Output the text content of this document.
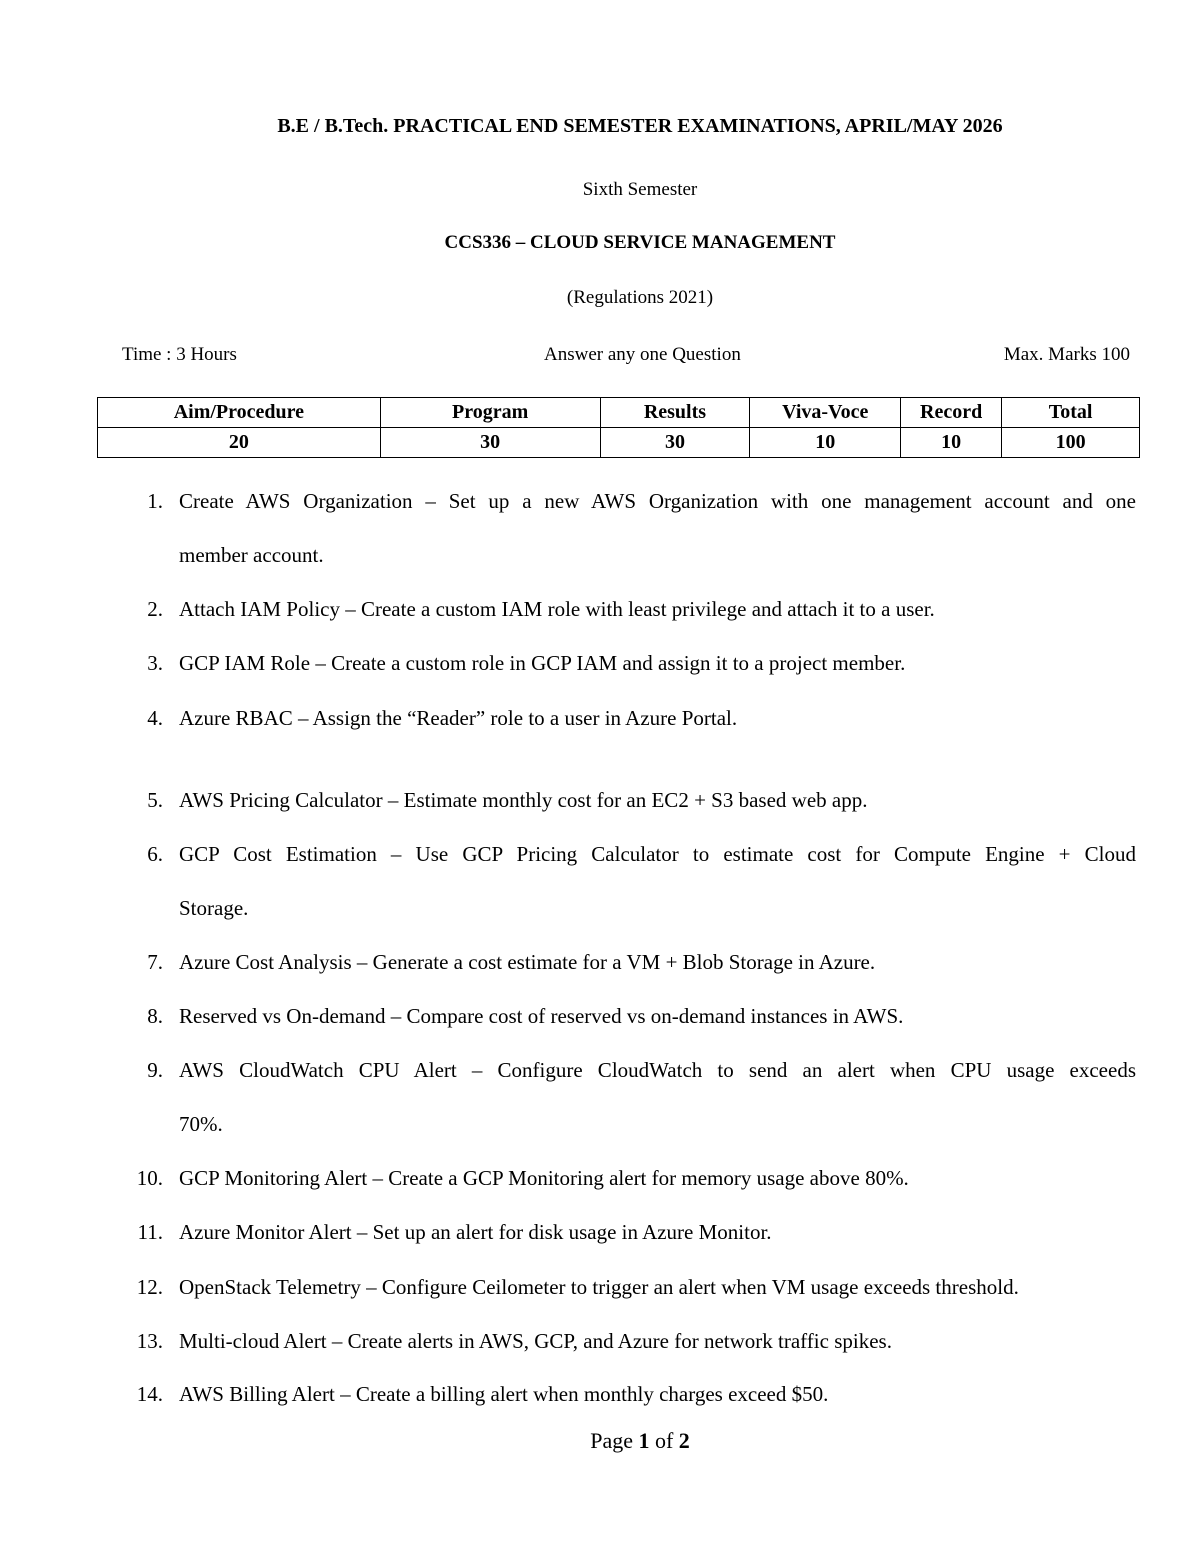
B.E / B.Tech. PRACTICAL END SEMESTER EXAMINATIONS, APRIL/MAY 2026
Sixth Semester
CCS336 – CLOUD SERVICE MANAGEMENT
(Regulations 2021)
Time : 3 Hours	Answer any one Question	Max. Marks 100
Aim/Procedure	Program	Results	Viva-Voce	Record	Total
20	30	30	10	10	100
1. Create AWS Organization – Set up a new AWS Organization with one management account and one
member account.
2. Attach IAM Policy – Create a custom IAM role with least privilege and attach it to a user.
3. GCP IAM Role – Create a custom role in GCP IAM and assign it to a project member.
4. Azure RBAC – Assign the “Reader” role to a user in Azure Portal.
5. AWS Pricing Calculator – Estimate monthly cost for an EC2 + S3 based web app.
6. GCP Cost Estimation – Use GCP Pricing Calculator to estimate cost for Compute Engine + Cloud
Storage.
7. Azure Cost Analysis – Generate a cost estimate for a VM + Blob Storage in Azure.
8. Reserved vs On-demand – Compare cost of reserved vs on-demand instances in AWS.
9. AWS CloudWatch CPU Alert – Configure CloudWatch to send an alert when CPU usage exceeds
70%.
10. GCP Monitoring Alert – Create a GCP Monitoring alert for memory usage above 80%.
11. Azure Monitor Alert – Set up an alert for disk usage in Azure Monitor.
12. OpenStack Telemetry – Configure Ceilometer to trigger an alert when VM usage exceeds threshold.
13. Multi-cloud Alert – Create alerts in AWS, GCP, and Azure for network traffic spikes.
14. AWS Billing Alert – Create a billing alert when monthly charges exceed $50.
Page 1 of 2
